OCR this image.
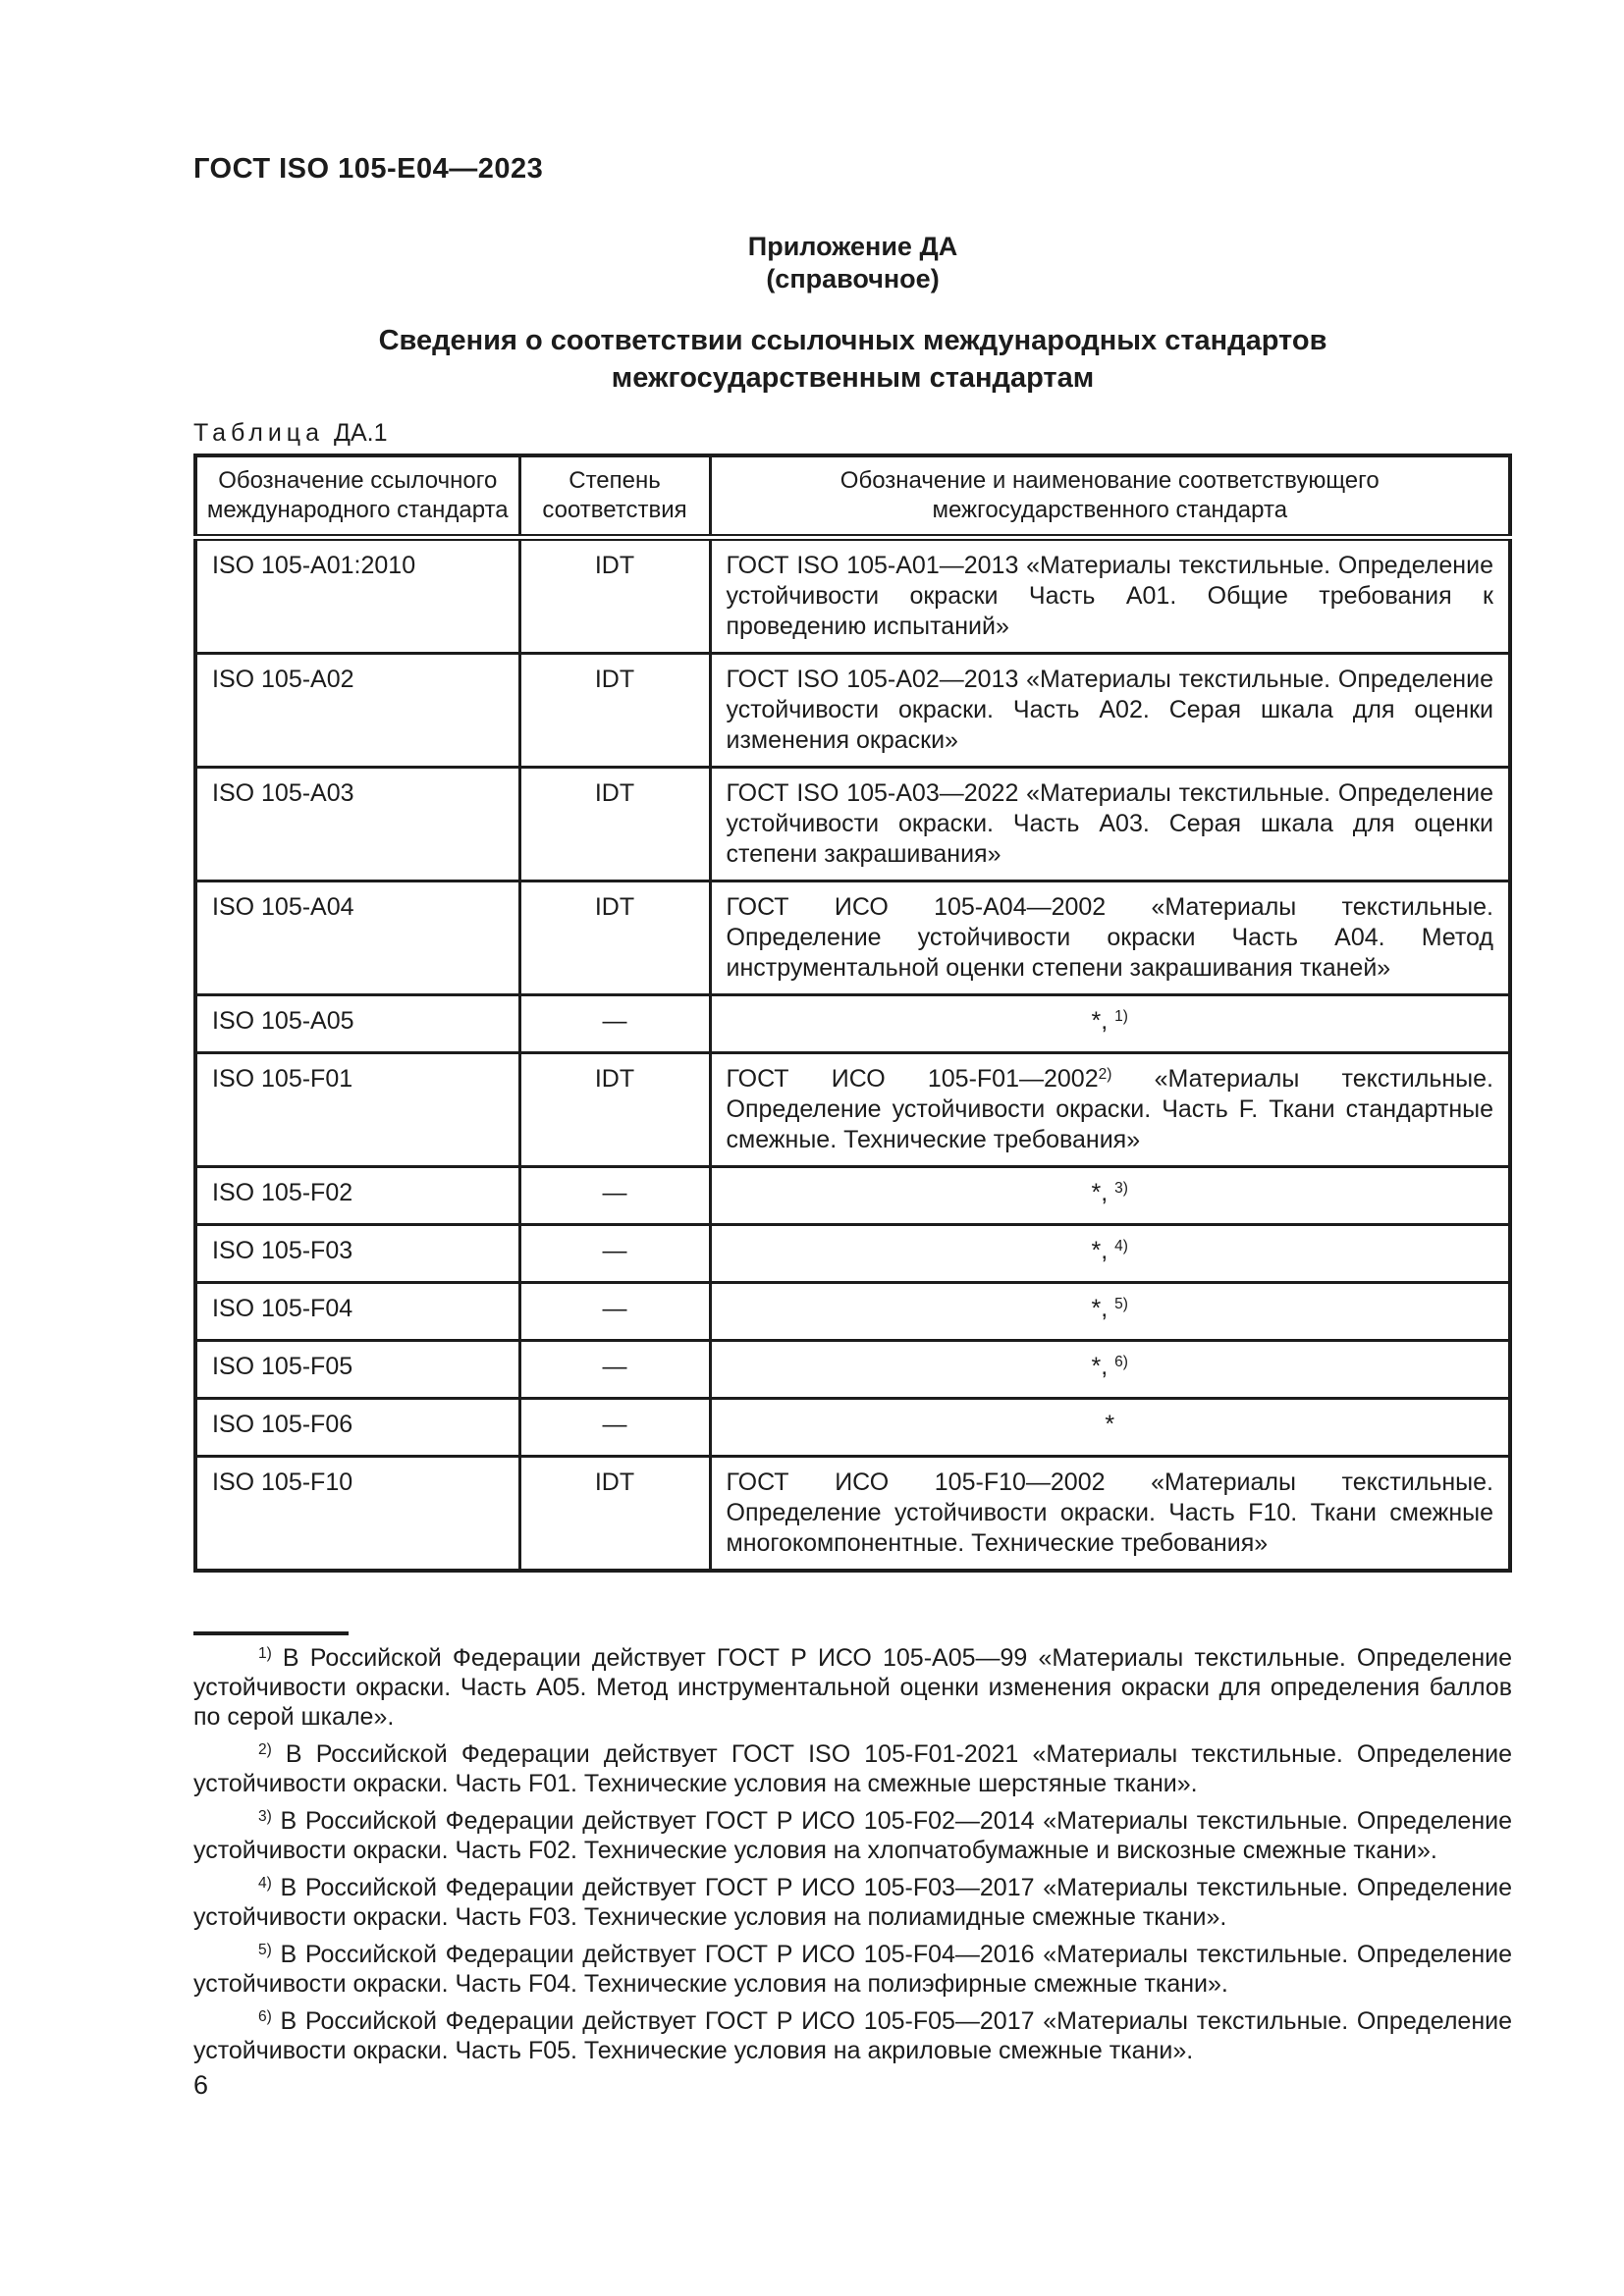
ГОСТ ISO 105-E04—2023
Приложение ДА
(справочное)
Сведения о соответствии ссылочных международных стандартов
межгосударственным стандартам
Таблица ДА.1
Обозначение ссылочного международного стандарта	Степень соответствия	Обозначение и наименование соответствующего межгосударственного стандарта
ISO 105-A01:2010	IDT	ГОСТ ISO 105-A01—2013 «Материалы текстильные. Определение устойчивости окраски Часть А01. Общие требования к проведению испытаний»
ISO 105-A02	IDT	ГОСТ ISO 105-A02—2013 «Материалы текстильные. Определение устойчивости окраски. Часть А02. Серая шкала для оценки изменения окраски»
ISO 105-A03	IDT	ГОСТ ISO 105-A03—2022 «Материалы текстильные. Определение устойчивости окраски. Часть А03. Серая шкала для оценки степени закрашивания»
ISO 105-A04	IDT	ГОСТ ИСО 105-А04—2002 «Материалы текстильные. Определение устойчивости окраски Часть А04. Метод инструментальной оценки степени закрашивания тканей»
ISO 105-A05	—	*, $^{1)}$
ISO 105-F01	IDT	ГОСТ ИСО 105-F01—2002$^{2)}$ «Материалы текстильные. Определение устойчивости окраски. Часть F. Ткани стандартные смежные. Технические требования»
ISO 105-F02	—	*, $^{3)}$
ISO 105-F03	—	*, $^{4)}$
ISO 105-F04	—	*, $^{5)}$
ISO 105-F05	—	*, $^{6)}$
ISO 105-F06	—	*
ISO 105-F10	IDT	ГОСТ ИСО 105-F10—2002 «Материалы текстильные. Определение устойчивости окраски. Часть F10. Ткани смежные многокомпонентные. Технические требования»

$^{1)}$ В Российской Федерации действует ГОСТ Р ИСО 105-А05—99 «Материалы текстильные. Определение устойчивости окраски. Часть А05. Метод инструментальной оценки изменения окраски для определения баллов по серой шкале».

$^{2)}$ В Российской Федерации действует ГОСТ ISO 105-F01-2021 «Материалы текстильные. Определение устойчивости окраски. Часть F01. Технические условия на смежные шерстяные ткани».

$^{3)}$ В Российской Федерации действует ГОСТ Р ИСО 105-F02—2014 «Материалы текстильные. Определение устойчивости окраски. Часть F02. Технические условия на хлопчатобумажные и вискозные смежные ткани».

$^{4)}$ В Российской Федерации действует ГОСТ Р ИСО 105-F03—2017 «Материалы текстильные. Определение устойчивости окраски. Часть F03. Технические условия на полиамидные смежные ткани».

$^{5)}$ В Российской Федерации действует ГОСТ Р ИСО 105-F04—2016 «Материалы текстильные. Определение устойчивости окраски. Часть F04. Технические условия на полиэфирные смежные ткани».

$^{6)}$ В Российской Федерации действует ГОСТ Р ИСО 105-F05—2017 «Материалы текстильные. Определение устойчивости окраски. Часть F05. Технические условия на акриловые смежные ткани».

6
